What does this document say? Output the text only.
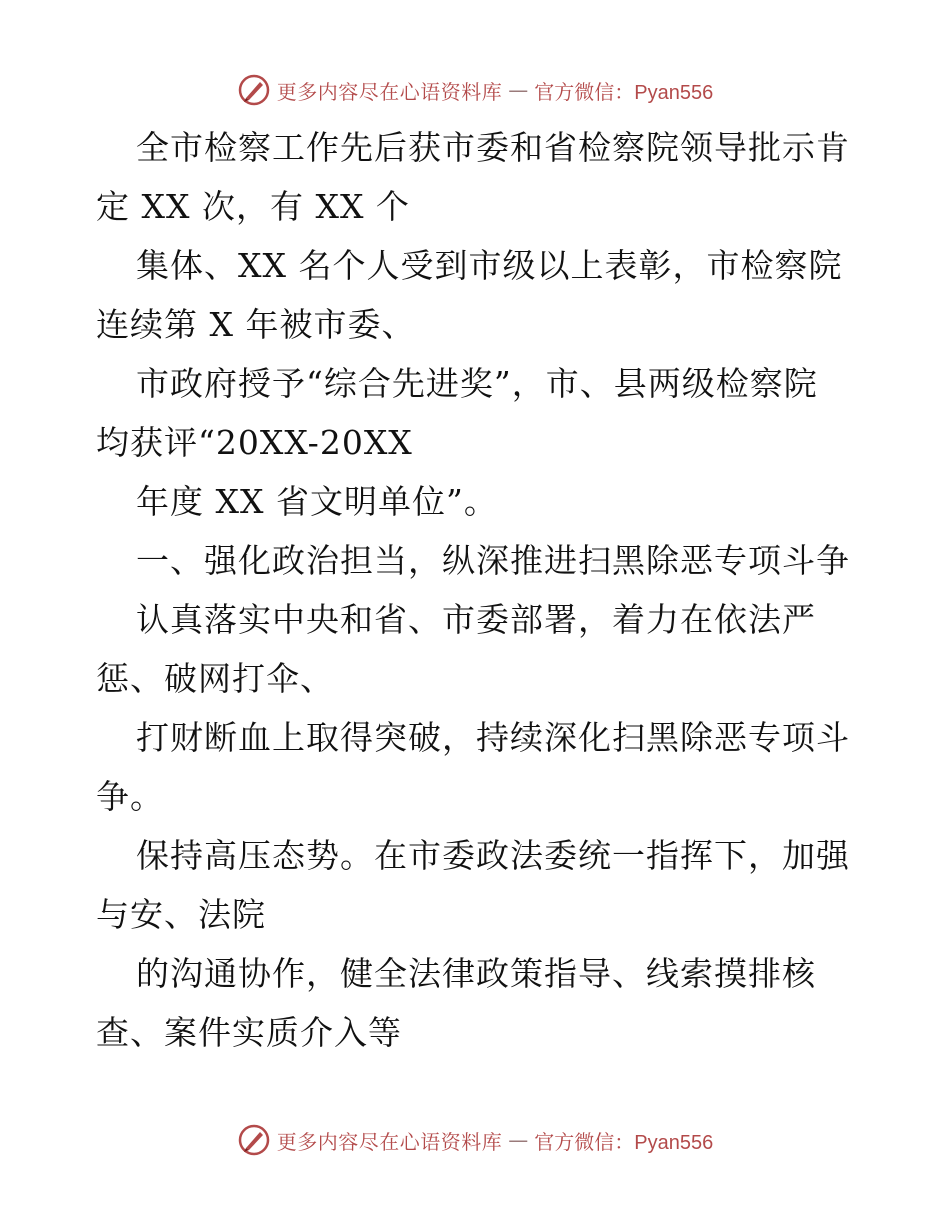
更多内容尽在心语资料库 — 官方微信：Pyan556
全市检察工作先后获市委和省检察院领导批示肯
定 XX 次，有 XX 个
集体、XX 名个人受到市级以上表彰，市检察院
连续第 X 年被市委、
市政府授予“综合先进奖”，市、县两级检察院
均获评“20XX-20XX
年度 XX 省文明单位”。
一、强化政治担当，纵深推进扫黑除恶专项斗争
认真落实中央和省、市委部署，着力在依法严
惩、破网打伞、
打财断血上取得突破，持续深化扫黑除恶专项斗
争。
保持高压态势。在市委政法委统一指挥下，加强
与安、法院
的沟通协作，健全法律政策指导、线索摸排核
查、案件实质介入等
更多内容尽在心语资料库 — 官方微信：Pyan556
